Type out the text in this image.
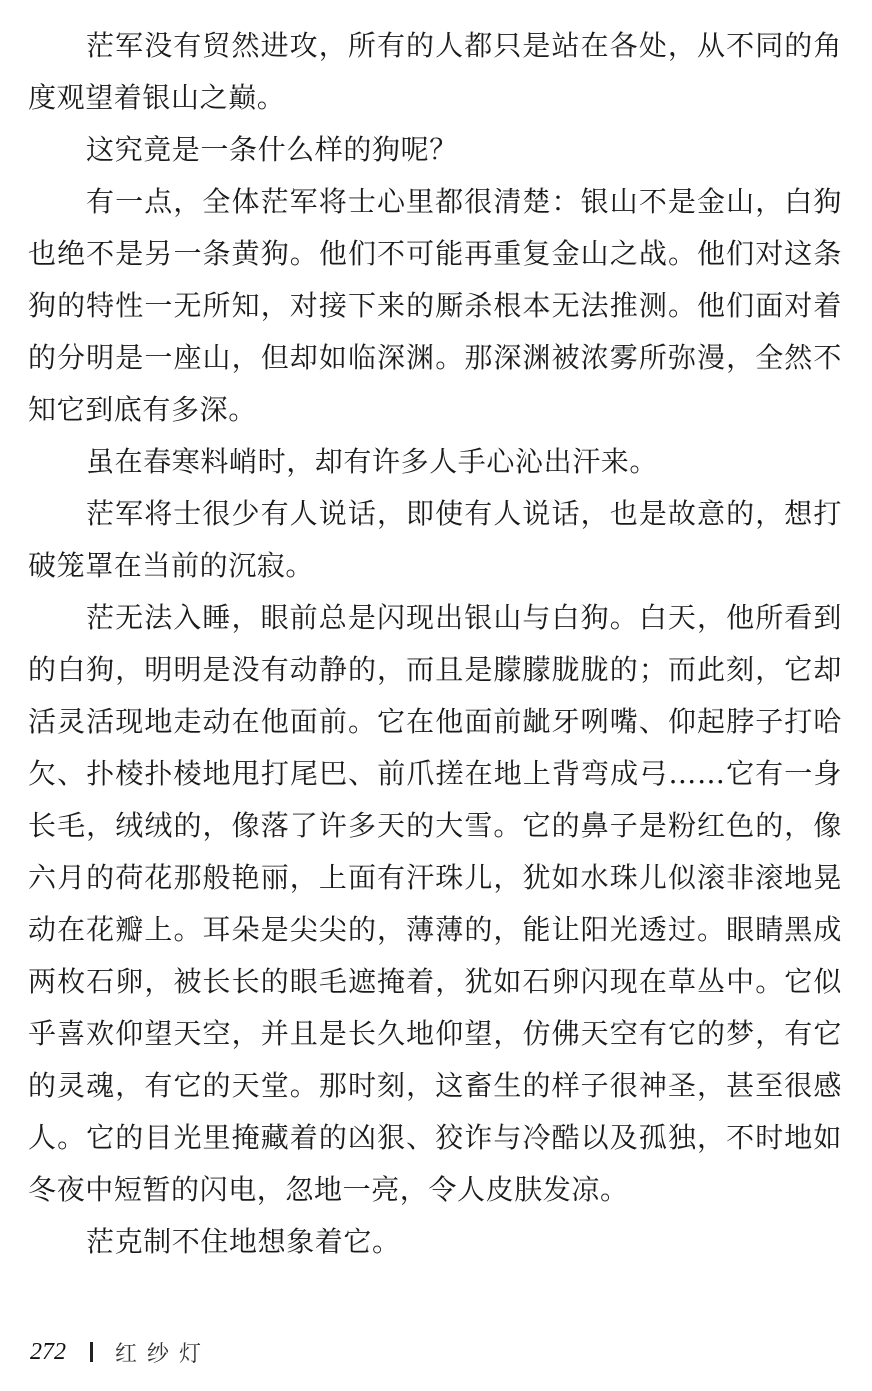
茫军没有贸然进攻，所有的人都只是站在各处，从不同的角度观望着银山之巅。

这究竟是一条什么样的狗呢？

有一点，全体茫军将士心里都很清楚：银山不是金山，白狗也绝不是另一条黄狗。他们不可能再重复金山之战。他们对这条狗的特性一无所知，对接下来的厮杀根本无法推测。他们面对着的分明是一座山，但却如临深渊。那深渊被浓雾所弥漫，全然不知它到底有多深。

虽在春寒料峭时，却有许多人手心沁出汗来。

茫军将士很少有人说话，即使有人说话，也是故意的，想打破笼罩在当前的沉寂。

茫无法入睡，眼前总是闪现出银山与白狗。白天，他所看到的白狗，明明是没有动静的，而且是朦朦胧胧的；而此刻，它却活灵活现地走动在他面前。它在他面前龇牙咧嘴、仰起脖子打哈欠、扑棱扑棱地甩打尾巴、前爪搓在地上背弯成弓……它有一身长毛，绒绒的，像落了许多天的大雪。它的鼻子是粉红色的，像六月的荷花那般艳丽，上面有汗珠儿，犹如水珠儿似滚非滚地晃动在花瓣上。耳朵是尖尖的，薄薄的，能让阳光透过。眼睛黑成两枚石卵，被长长的眼毛遮掩着，犹如石卵闪现在草丛中。它似乎喜欢仰望天空，并且是长久地仰望，仿佛天空有它的梦，有它的灵魂，有它的天堂。那时刻，这畜生的样子很神圣，甚至很感人。它的目光里掩藏着的凶狠、狡诈与冷酷以及孤独，不时地如冬夜中短暂的闪电，忽地一亮，令人皮肤发凉。

茫克制不住地想象着它。

272 红纱灯
